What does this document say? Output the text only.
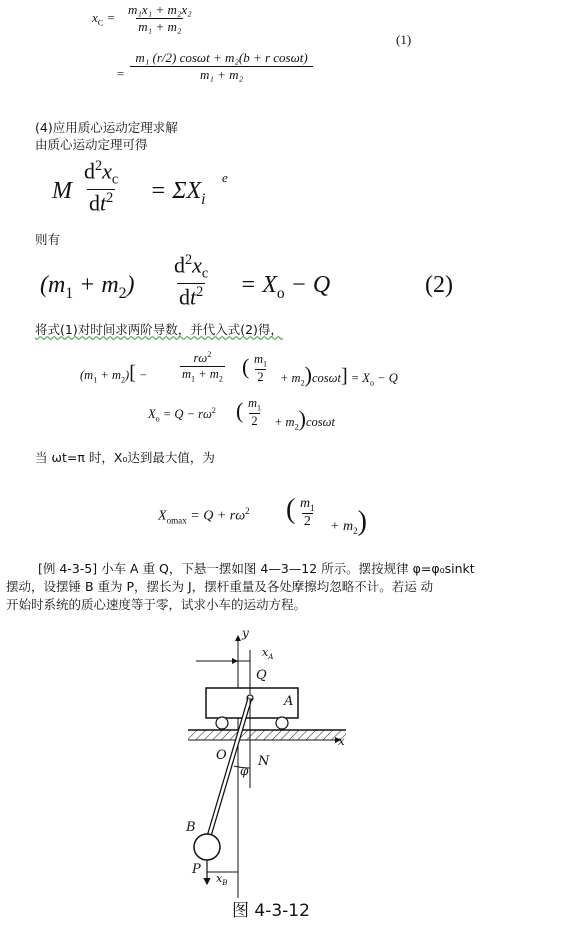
$x_C = \frac{\text{m₁x₁ + m₂x₂}}{\text{m₁ + m₂}}$
= $\frac{\text{m₁ (r/2) cosωt + m₂(b + r cosωt)}}{\text{m₁ + m₂}}$
(1)
(4)应用质心运动定理求解
由质心运动定理可得
M $\frac{d^2x_c}{dt^2} = \Sigma X_i$
e
则有
$(m_1 + m_2) \frac{d^2x_c}{dt^2} = X_o - Q$	(2)
将式(1)对时间求两阶导数，并代入式(2)得，
$(m_1 + m_2)$[ −	$\frac{r\omega^2}{m_1 + m_2}$ ( $\frac{m_1}{2} + m_2)\cos\omega t] = X_o - Q$
$X_o = Q - r\omega^2$ ( $\frac{m_1}{2} + m_2)\cos\omega t$
当 ωt=π 时，X₀达到最大值，为
$X_{omax} = Q + r\omega^2$ ( $\frac{m_1}{2} + m_2$)
[例 4-3-5] 小车 A 重 Q，下悬一摆如图 4—3—12 所示。摆按规律 φ=φ₀sinkt
摆动，设摆锤 B 重为 P，摆长为 J，摆杆重量及各处摩擦均忽略不计。若运 动
开始时系统的质心速度等于零，试求小车的运动方程。
y
$x_A$
Q
A
x
O N
φ
B
P
$x_B$
图 4-3-12
